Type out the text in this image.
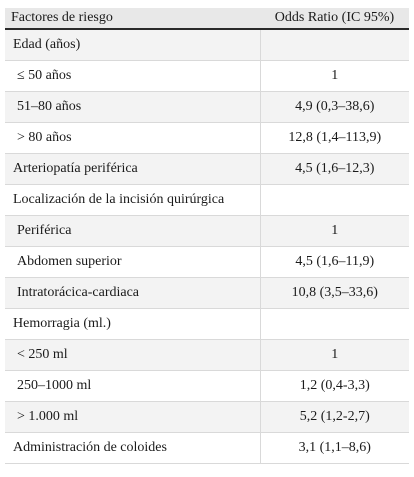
Factores de riesgo	Odds Ratio (IC 95%)
Edad (años)	
≤ 50 años	1
51–80 años	4,9 (0,3–38,6)
> 80 años	12,8 (1,4–113,9)
Arteriopatía periférica	4,5 (1,6–12,3)
Localización de la incisión quirúrgica	
Periférica	1
Abdomen superior	4,5 (1,6–11,9)
Intratorácica-cardiaca	10,8 (3,5–33,6)
Hemorragia (ml.)	
< 250 ml	1
250–1000 ml	1,2 (0,4-3,3)
> 1.000 ml	5,2 (1,2-2,7)
Administración de coloides	3,1 (1,1–8,6)
